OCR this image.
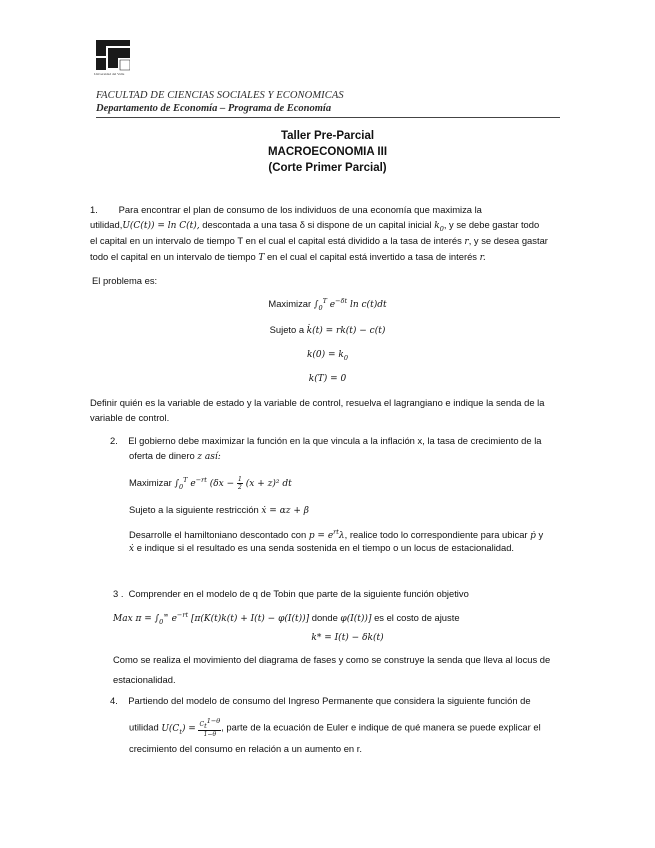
Universidad del Valle
FACULTAD DE CIENCIAS SOCIALES Y ECONOMICAS
Departamento de Economía – Programa de Economía
Taller Pre-Parcial
MACROECONOMIA III
(Corte Primer Parcial)
1.        Para encontrar el plan de consumo de los individuos de una economía que maximiza la
utilidad,U(C(t)) = ln C(t), descontada a una tasa δ si dispone de un capital inicial $k_0$, y se debe gastar todo
el capital en un intervalo de tiempo T en el cual el capital está dividido a la tasa de interés r, y se desea gastar
todo el capital en un intervalo de tiempo T en el cual el capital está invertido a tasa de interés r.
El problema es:
Maximizar $\int_0^T$ $e^{-\delta t}$ ln c(t)dt
Sujeto a k̇(t) = rk(t) − c(t)
$k(0) = k_0$
k(T) = 0
Definir quién es la variable de estado y la variable de control, resuelva el lagrangiano e indique la senda de la
variable de control.
2.    El gobierno debe maximizar la función en la que vincula a la inflación x, la tasa de crecimiento de la
oferta de dinero z así:
Maximizar $\int_0^T$ $e^{-rt}$ ($\delta x - \frac{1}{2} (x + z)^2$ dt
Sujeto a la siguiente restricción ẋ = αz + β
Desarrolle el hamiltoniano descontado con $p = e^{rt}\lambda$, realice todo lo correspondiente para ubicar ṗ y
ẋ e indique si el resultado es una senda sostenida en el tiempo o un locus de estacionalidad.
3 .  Comprender en el modelo de q de Tobin que parte de la siguiente función objetivo
Max $\pi = \int_0^\infty$ $e^{-rt}$ [π(K(t)k(t) + I(t) − φ(I(t))] donde φ(I(t))] es el costo de ajuste
k* = I(t) − δk(t)
Como se realiza el movimiento del diagrama de fases y como se construye la senda que lleva al locus de
estacionalidad.
4.    Partiendo del modelo de consumo del Ingreso Permanente que considera la siguiente función de
utilidad $U(C_t) = \frac{C_t^{1-\theta}}{1-\theta}$ , parte de la ecuación de Euler e indique de qué manera se puede explicar el
crecimiento del consumo en relación a un aumento en r.
